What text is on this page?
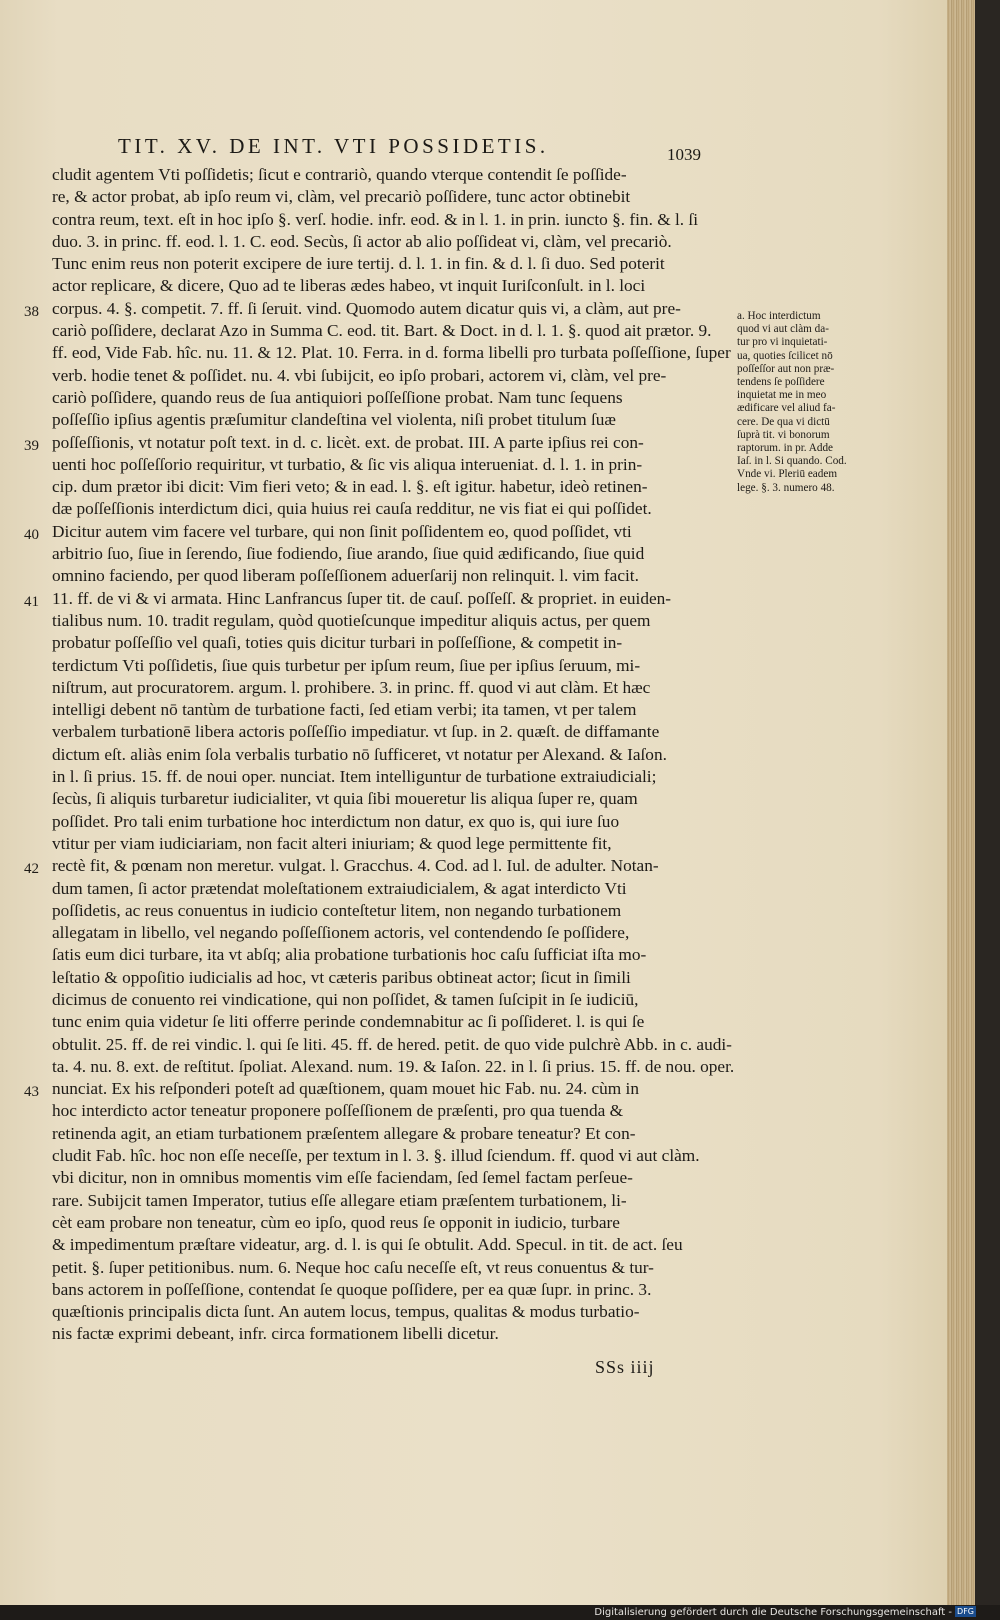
TIT. XV. DE INT. VTI POSSIDETIS.	1039
cludit agentem Vti poſſidetis; ſicut e contrariò, quando vterque contendit ſe poſſide-
re, & actor probat, ab ipſo reum vi, clàm, vel precariò poſſidere, tunc actor obtinebit
contra reum, text. eſt in hoc ipſo §. verſ. hodie. infr. eod. & in l. 1. in prin. iuncto §. fin. & l. ſi
duo. 3. in princ. ff. eod. l. 1. C. eod. Secùs, ſi actor ab alio poſſideat vi, clàm, vel precariò.
Tunc enim reus non poterit excipere de iure tertij. d. l. 1. in fin. & d. l. ſi duo. Sed poterit
actor replicare, & dicere, Quo ad te liberas ædes habeo, vt inquit Iuriſconſult. in l. loci
corpus. 4. §. competit. 7. ff. ſi ſeruit. vind. Quomodo autem dicatur quis vi, a clàm, aut pre-
cariò poſſidere, declarat Azo in Summa C. eod. tit. Bart. & Doct. in d. l. 1. §. quod ait prætor. 9.
ff. eod, Vide Fab. hîc. nu. 11. & 12. Plat. 10. Ferra. in d. forma libelli pro turbata poſſeſſione, ſuper
verb. hodie tenet & poſſidet. nu. 4. vbi ſubijcit, eo ipſo probari, actorem vi, clàm, vel pre-
cariò poſſidere, quando reus de ſua antiquiori poſſeſſione probat. Nam tunc ſequens
poſſeſſio ipſius agentis præſumitur clandeſtina vel violenta, niſi probet titulum ſuæ
poſſeſſionis, vt notatur poſt text. in d. c. licèt. ext. de probat. III. A parte ipſius rei con-
uenti hoc poſſeſſorio requiritur, vt turbatio, & ſic vis aliqua interueniat. d. l. 1. in prin-
cip. dum prætor ibi dicit: Vim fieri veto; & in ead. l. §. eſt igitur. habetur, ideò retinen-
dæ poſſeſſionis interdictum dici, quia huius rei cauſa redditur, ne vis fiat ei qui poſſidet.
Dicitur autem vim facere vel turbare, qui non ſinit poſſidentem eo, quod poſſidet, vti
arbitrio ſuo, ſiue in ſerendo, ſiue fodiendo, ſiue arando, ſiue quid ædificando, ſiue quid
omnino faciendo, per quod liberam poſſeſſionem aduerſarij non relinquit. l. vim facit.
11. ff. de vi & vi armata. Hinc Lanfrancus ſuper tit. de cauſ. poſſeſſ. & propriet. in euiden-
tialibus num. 10. tradit regulam, quòd quotieſcunque impeditur aliquis actus, per quem
probatur poſſeſſio vel quaſi, toties quis dicitur turbari in poſſeſſione, & competit in-
terdictum Vti poſſidetis, ſiue quis turbetur per ipſum reum, ſiue per ipſius ſeruum, mi-
niſtrum, aut procuratorem. argum. l. prohibere. 3. in princ. ff. quod vi aut clàm. Et hæc
intelligi debent nō tantùm de turbatione facti, ſed etiam verbi; ita tamen, vt per talem
verbalem turbationē libera actoris poſſeſſio impediatur. vt ſup. in 2. quæſt. de diffamante
dictum eſt. aliàs enim ſola verbalis turbatio nō ſufficeret, vt notatur per Alexand. & Iaſon.
in l. ſi prius. 15. ff. de noui oper. nunciat. Item intelliguntur de turbatione extraiudiciali;
ſecùs, ſi aliquis turbaretur iudicialiter, vt quia ſibi moueretur lis aliqua ſuper re, quam
poſſidet. Pro tali enim turbatione hoc interdictum non datur, ex quo is, qui iure ſuo
vtitur per viam iudiciariam, non facit alteri iniuriam; & quod lege permittente fit,
rectè fit, & pœnam non meretur. vulgat. l. Gracchus. 4. Cod. ad l. Iul. de adulter. Notan-
dum tamen, ſi actor prætendat moleſtationem extraiudicialem, & agat interdicto Vti
poſſidetis, ac reus conuentus in iudicio conteſtetur litem, non negando turbationem
allegatam in libello, vel negando poſſeſſionem actoris, vel contendendo ſe poſſidere,
ſatis eum dici turbare, ita vt abſq; alia probatione turbationis hoc caſu ſufficiat iſta mo-
leſtatio & oppoſitio iudicialis ad hoc, vt cæteris paribus obtineat actor; ſicut in ſimili
dicimus de conuento rei vindicatione, qui non poſſidet, & tamen ſuſcipit in ſe iudiciū,
tunc enim quia videtur ſe liti offerre perinde condemnabitur ac ſi poſſideret. l. is qui ſe
obtulit. 25. ff. de rei vindic. l. qui ſe liti. 45. ff. de hered. petit. de quo vide pulchrè Abb. in c. audi-
ta. 4. nu. 8. ext. de reſtitut. ſpoliat. Alexand. num. 19. & Iaſon. 22. in l. ſi prius. 15. ff. de nou. oper.
nunciat. Ex his reſponderi poteſt ad quæſtionem, quam mouet hic Fab. nu. 24. cùm in
hoc interdicto actor teneatur proponere poſſeſſionem de præſenti, pro qua tuenda &
retinenda agit, an etiam turbationem præſentem allegare & probare teneatur? Et con-
cludit Fab. hîc. hoc non eſſe neceſſe, per textum in l. 3. §. illud ſciendum. ff. quod vi aut clàm.
vbi dicitur, non in omnibus momentis vim eſſe faciendam, ſed ſemel factam perſeue-
rare. Subijcit tamen Imperator, tutius eſſe allegare etiam præſentem turbationem, li-
cèt eam probare non teneatur, cùm eo ipſo, quod reus ſe opponit in iudicio, turbare
& impedimentum præſtare videatur, arg. d. l. is qui ſe obtulit. Add. Specul. in tit. de act. ſeu
petit. §. ſuper petitionibus. num. 6. Neque hoc caſu neceſſe eſt, vt reus conuentus & tur-
bans actorem in poſſeſſione, contendat ſe quoque poſſidere, per ea quæ ſupr. in princ. 3.
quæſtionis principalis dicta ſunt. An autem locus, tempus, qualitas & modus turbatio-
nis factæ exprimi debeant, infr. circa formationem libelli dicetur.
38
39
40
41
42
43
a. Hoc interdictum
quod vi aut clàm da-
tur pro vi inquietati-
ua, quoties ſcilicet nō
poſſeſſor aut non præ-
tendens ſe poſſidere
inquietat me in meo
ædificare vel aliud fa-
cere. De qua vi dictū
ſuprà tit. vi bonorum
raptorum. in pr. Adde
Iaſ. in l. Si quando. Cod.
Vnde vi. Pleriū eadem
lege. §. 3. numero 48.
SSs iiij
Digitalisierung gefördert durch die Deutsche Forschungsgemeinschaft - DFG
